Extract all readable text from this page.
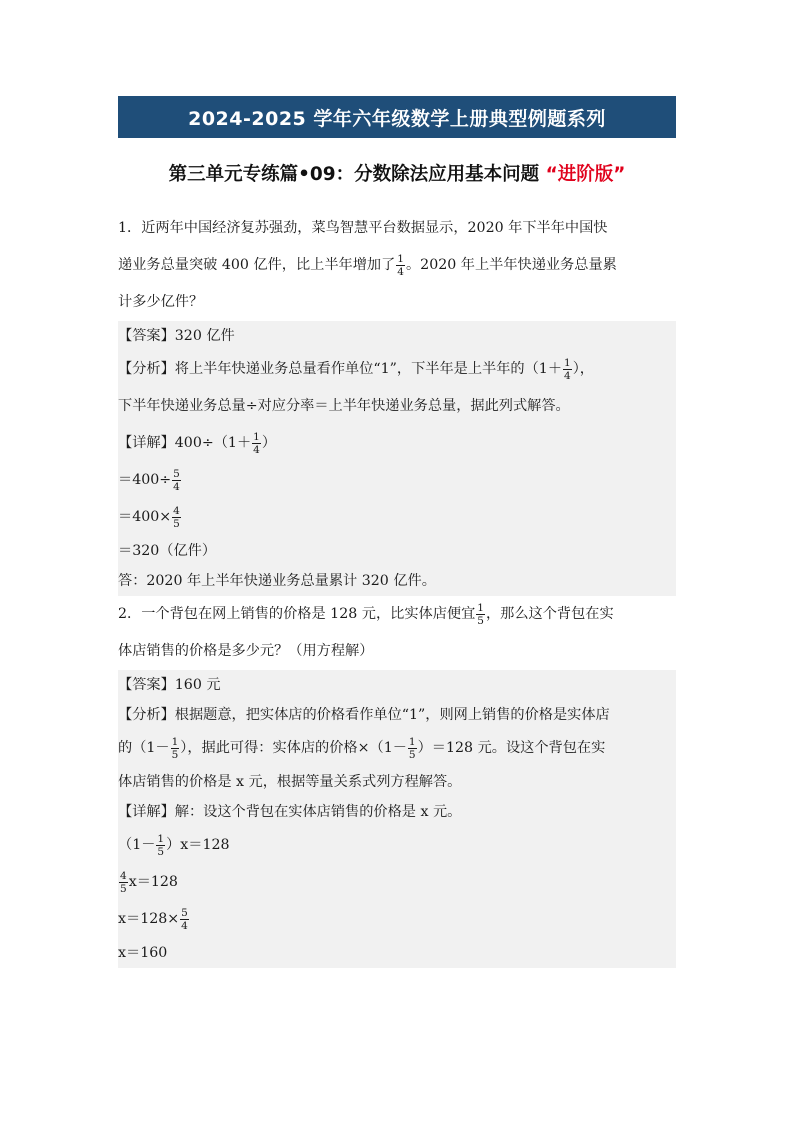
2024-2025 学年六年级数学上册典型例题系列
第三单元专练篇•09：分数除法应用基本问题 “进阶版”
1．近两年中国经济复苏强劲，菜鸟智慧平台数据显示，2020 年下半年中国快
递业务总量突破 400 亿件，比上半年增加了 $\frac{1}{4}$ 。2020 年上半年快递业务总量累
计多少亿件？
【答案】320 亿件
【分析】将上半年快递业务总量看作单位“1”，下半年是上半年的（$1+ \frac{1}{4}$ ），
下半年快递业务总量÷对应分率＝上半年快递业务总量，据此列式解答。
【详解】$400\div(1+ \frac{1}{4}$ ）
$=400\div \frac{5}{4}$
$=400\times \frac{4}{5}$
＝320（亿件）
答：2020 年上半年快递业务总量累计 320 亿件。
2．一个背包在网上销售的价格是 128 元，比实体店便宜 $\frac{1}{5}$ ，那么这个背包在实
体店销售的价格是多少元？（用方程解）
【答案】160 元
【分析】根据题意，把实体店的价格看作单位“1”，则网上销售的价格是实体店
的（$1- \frac{1}{5}$ ），据此可得：实体店的价格$\times(1- \frac{1}{5} )=128$ 元。设这个背包在实
体店销售的价格是 x 元，根据等量关系式列方程解答。
【详解】解：设这个背包在实体店销售的价格是 x 元。
$(1- \frac{1}{5} )x=128$
$\frac{4}{5} x=128$
$x=128\times \frac{5}{4}$
x＝160
